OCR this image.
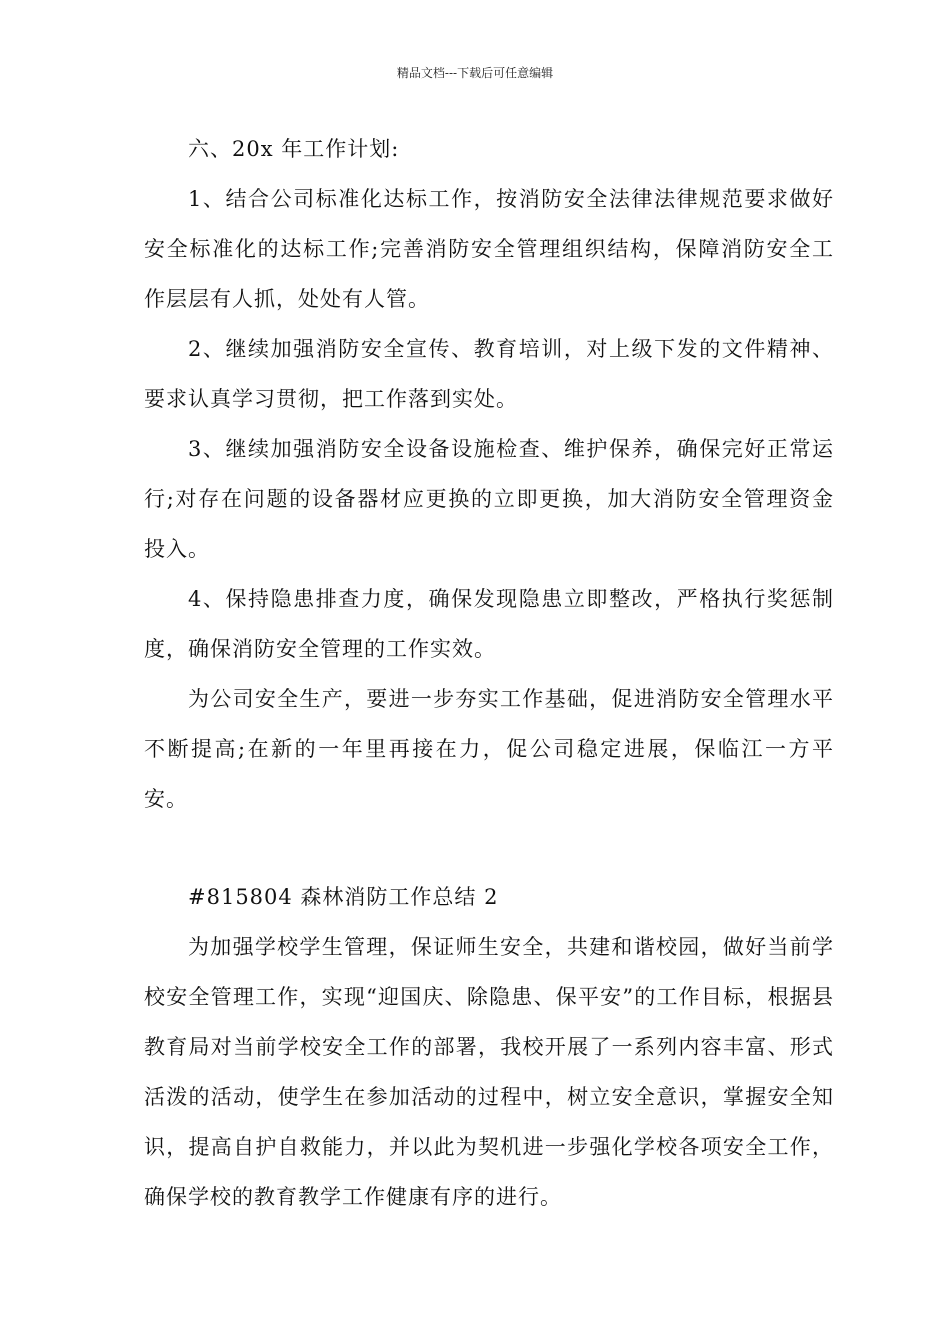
精品文档---下载后可任意编辑

六、20x 年工作计划:

1、结合公司标准化达标工作，按消防安全法律法律规范要求做好安全标准化的达标工作;完善消防安全管理组织结构，保障消防安全工作层层有人抓，处处有人管。

2、继续加强消防安全宣传、教育培训，对上级下发的文件精神、要求认真学习贯彻，把工作落到实处。

3、继续加强消防安全设备设施检查、维护保养，确保完好正常运行;对存在问题的设备器材应更换的立即更换，加大消防安全管理资金投入。

4、保持隐患排查力度，确保发现隐患立即整改，严格执行奖惩制度，确保消防安全管理的工作实效。

为公司安全生产，要进一步夯实工作基础，促进消防安全管理水平不断提高;在新的一年里再接在力，促公司稳定进展，保临江一方平安。

#815804 森林消防工作总结 2

为加强学校学生管理，保证师生安全，共建和谐校园，做好当前学校安全管理工作，实现“迎国庆、除隐患、保平安”的工作目标，根据县教育局对当前学校安全工作的部署，我校开展了一系列内容丰富、形式活泼的活动，使学生在参加活动的过程中，树立安全意识，掌握安全知识，提高自护自救能力，并以此为契机进一步强化学校各项安全工作，确保学校的教育教学工作健康有序的进行。
